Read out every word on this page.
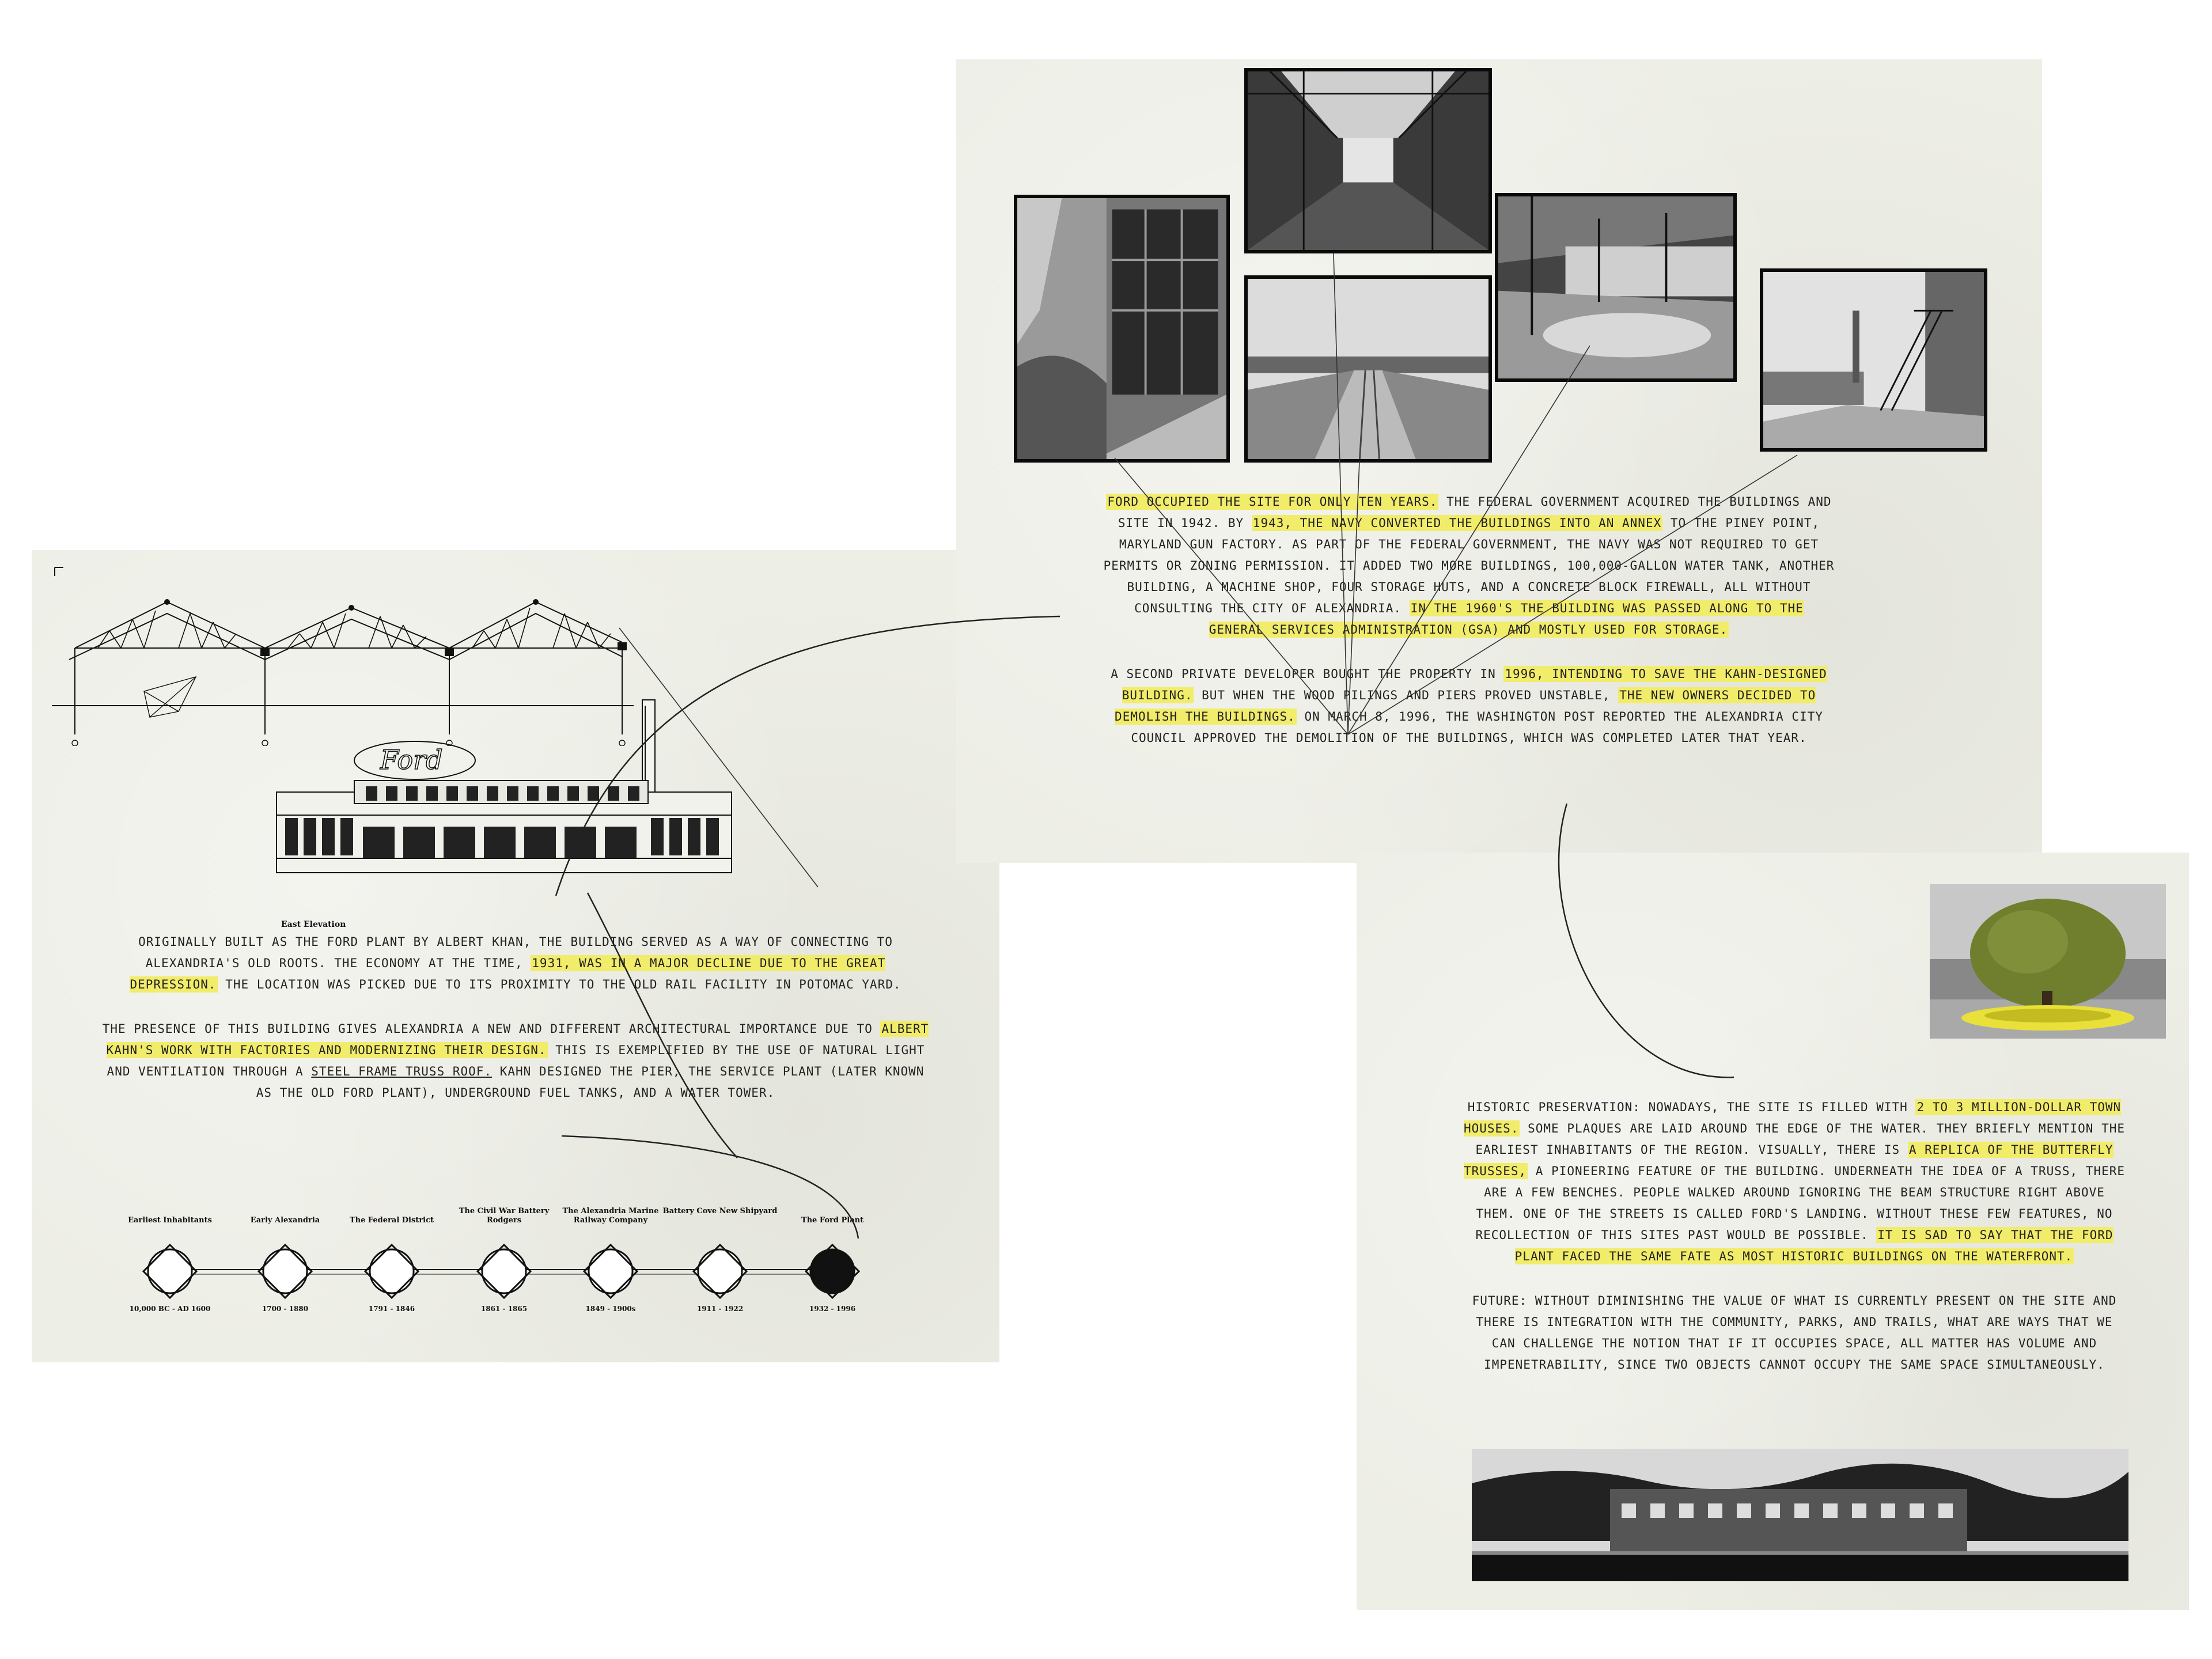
Ford
East Elevation

ORIGINALLY BUILT AS THE FORD PLANT BY ALBERT KHAN, THE BUILDING SERVED AS A WAY OF CONNECTING TO ALEXANDRIA'S OLD ROOTS. THE ECONOMY AT THE TIME, 1931, WAS IN A MAJOR DECLINE DUE TO THE GREAT DEPRESSION. THE LOCATION WAS PICKED DUE TO ITS PROXIMITY TO THE OLD RAIL FACILITY IN POTOMAC YARD.

THE PRESENCE OF THIS BUILDING GIVES ALEXANDRIA A NEW AND DIFFERENT ARCHITECTURAL IMPORTANCE DUE TO ALBERT KAHN'S WORK WITH FACTORIES AND MODERNIZING THEIR DESIGN. THIS IS EXEMPLIFIED BY THE USE OF NATURAL LIGHT AND VENTILATION THROUGH A STEEL FRAME TRUSS ROOF. KAHN DESIGNED THE PIER, THE SERVICE PLANT (LATER KNOWN AS THE OLD FORD PLANT), UNDERGROUND FUEL TANKS, AND A WATER TOWER.

Earliest Inhabitants
10,000 BC - AD 1600
Early Alexandria
1700 - 1880
The Federal District
1791 - 1846
The Civil War Battery Rodgers
1861 - 1865
The Alexandria Marine Railway Company
1849 - 1900s
Battery Cove New Shipyard
1911 - 1922
The Ford Plant
1932 - 1996

FORD OCCUPIED THE SITE FOR ONLY TEN YEARS. THE FEDERAL GOVERNMENT ACQUIRED THE BUILDINGS AND SITE IN 1942. BY 1943, THE NAVY CONVERTED THE BUILDINGS INTO AN ANNEX TO THE PINEY POINT, MARYLAND GUN FACTORY. AS PART OF THE FEDERAL GOVERNMENT, THE NAVY WAS NOT REQUIRED TO GET PERMITS OR ZONING PERMISSION. IT ADDED TWO MORE BUILDINGS, 100,000-GALLON WATER TANK, ANOTHER BUILDING, A MACHINE SHOP, FOUR STORAGE HUTS, AND A CONCRETE BLOCK FIREWALL, ALL WITHOUT CONSULTING THE CITY OF ALEXANDRIA. IN THE 1960'S THE BUILDING WAS PASSED ALONG TO THE GENERAL SERVICES ADMINISTRATION (GSA) AND MOSTLY USED FOR STORAGE.

A SECOND PRIVATE DEVELOPER BOUGHT THE PROPERTY IN 1996, INTENDING TO SAVE THE KAHN-DESIGNED BUILDING. BUT WHEN THE WOOD PILINGS AND PIERS PROVED UNSTABLE, THE NEW OWNERS DECIDED TO DEMOLISH THE BUILDINGS. ON MARCH 8, 1996, THE WASHINGTON POST REPORTED THE ALEXANDRIA CITY COUNCIL APPROVED THE DEMOLITION OF THE BUILDINGS, WHICH WAS COMPLETED LATER THAT YEAR.

HISTORIC PRESERVATION: NOWADAYS, THE SITE IS FILLED WITH 2 TO 3 MILLION-DOLLAR TOWN HOUSES. SOME PLAQUES ARE LAID AROUND THE EDGE OF THE WATER. THEY BRIEFLY MENTION THE EARLIEST INHABITANTS OF THE REGION. VISUALLY, THERE IS A REPLICA OF THE BUTTERFLY TRUSSES, A PIONEERING FEATURE OF THE BUILDING. UNDERNEATH THE IDEA OF A TRUSS, THERE ARE A FEW BENCHES. PEOPLE WALKED AROUND IGNORING THE BEAM STRUCTURE RIGHT ABOVE THEM. ONE OF THE STREETS IS CALLED FORD'S LANDING. WITHOUT THESE FEW FEATURES, NO RECOLLECTION OF THIS SITES PAST WOULD BE POSSIBLE. IT IS SAD TO SAY THAT THE FORD PLANT FACED THE SAME FATE AS MOST HISTORIC BUILDINGS ON THE WATERFRONT.

FUTURE: WITHOUT DIMINISHING THE VALUE OF WHAT IS CURRENTLY PRESENT ON THE SITE AND THERE IS INTEGRATION WITH THE COMMUNITY, PARKS, AND TRAILS, WHAT ARE WAYS THAT WE CAN CHALLENGE THE NOTION THAT IF IT OCCUPIES SPACE, ALL MATTER HAS VOLUME AND IMPENETRABILITY, SINCE TWO OBJECTS CANNOT OCCUPY THE SAME SPACE SIMULTANEOUSLY.
